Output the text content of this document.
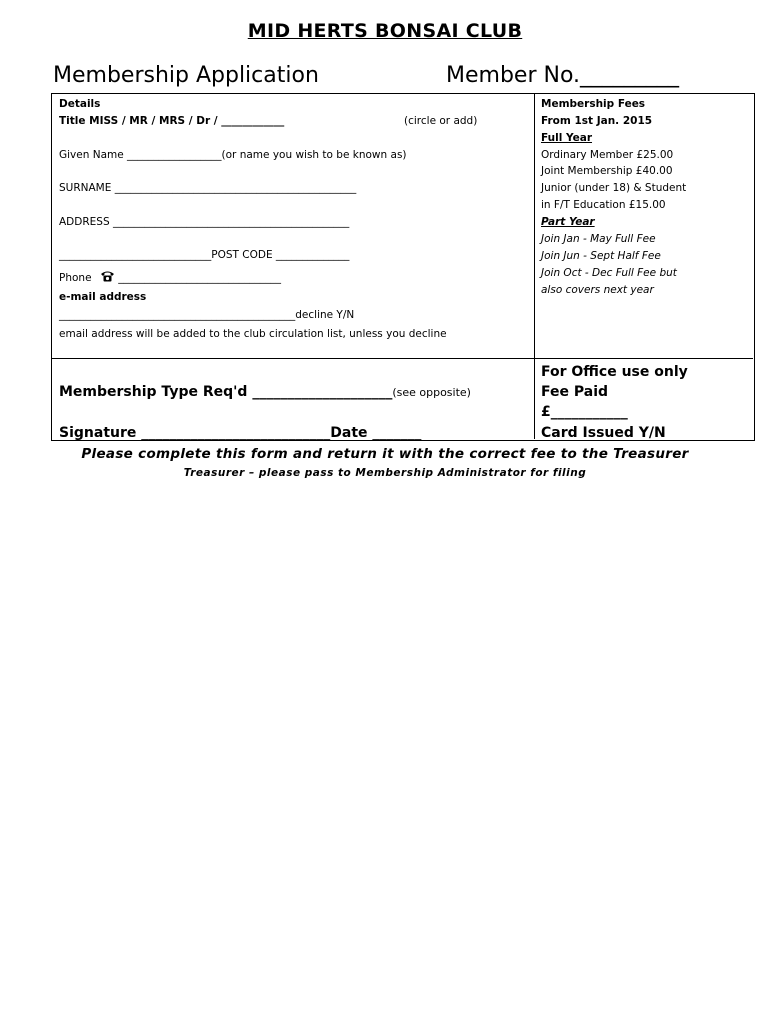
MID HERTS BONSAI CLUB
Membership Application	Member No._________
Details
Title MISS / MR / MRS / Dr / ____________	(circle or add)
Given Name __________________(or name you wish to be known as)
SURNAME ______________________________________________
ADDRESS _____________________________________________
_____________________________POST CODE ______________
Phone	_______________________________
e-mail address
_____________________________________________decline Y/N
email address will be added to the club circulation list, unless you decline
Membership Fees
From 1st Jan. 2015
Full Year
Ordinary Member £25.00
Joint Membership £40.00
Junior (under 18) & Student
in F/T Education £15.00
Part Year
Join Jan - May Full Fee
Join Jun - Sept Half Fee
Join Oct - Dec Full Fee but
also covers next year
Membership Type Req'd ____________________(see opposite)
Signature ___________________________Date _______
For Office use only
Fee Paid
£___________
Card Issued Y/N
Please complete this form and return it with the correct fee to the Treasurer
Treasurer – please pass to Membership Administrator for filing
